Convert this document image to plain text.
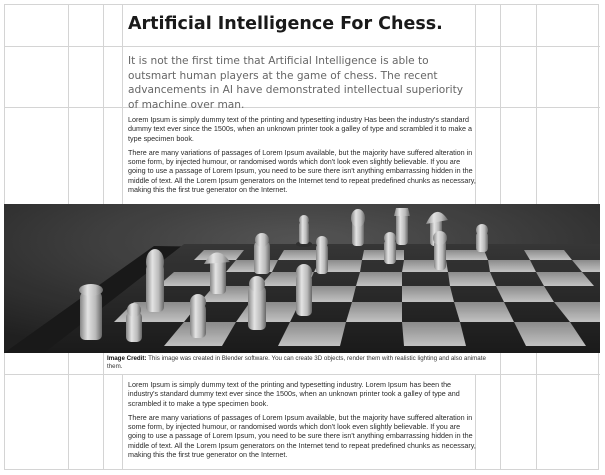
Artificial Intelligence For Chess.

It is not the first time that Artificial Intelligence is able to outsmart human players at the game of chess. The recent advancements in AI have demonstrated intellectual superiority of machine over man.

Lorem Ipsum is simply dummy text of the printing and typesetting industry Has been the industry's standard dummy text ever since the 1500s, when an unknown printer took a galley of type and scrambled it to make a type specimen book.

There are many variations of passages of Lorem Ipsum available, but the majority have suffered alteration in some form, by injected humour, or randomised words which don't look even slightly believable. If you are going to use a passage of Lorem Ipsum, you need to be sure there isn't anything embarrassing hidden in the middle of text. All the Lorem Ipsum generators on the Internet tend to repeat predefined chunks as necessary, making this the first true generator on the Internet.

Image Credit: This image was created in Blender software. You can create 3D objects, render them with realistic lighting and also animate them.

Lorem Ipsum is simply dummy text of the printing and typesetting industry. Lorem Ipsum has been the industry's standard dummy text ever since the 1500s, when an unknown printer took a galley of type and scrambled it to make a type specimen book.

There are many variations of passages of Lorem Ipsum available, but the majority have suffered alteration in some form, by injected humour, or randomised words which don't look even slightly believable. If you are going to use a passage of Lorem Ipsum, you need to be sure there isn't anything embarrassing hidden in the middle of text. All the Lorem Ipsum generators on the Internet tend to repeat predefined chunks as necessary, making this the first true generator on the Internet.
